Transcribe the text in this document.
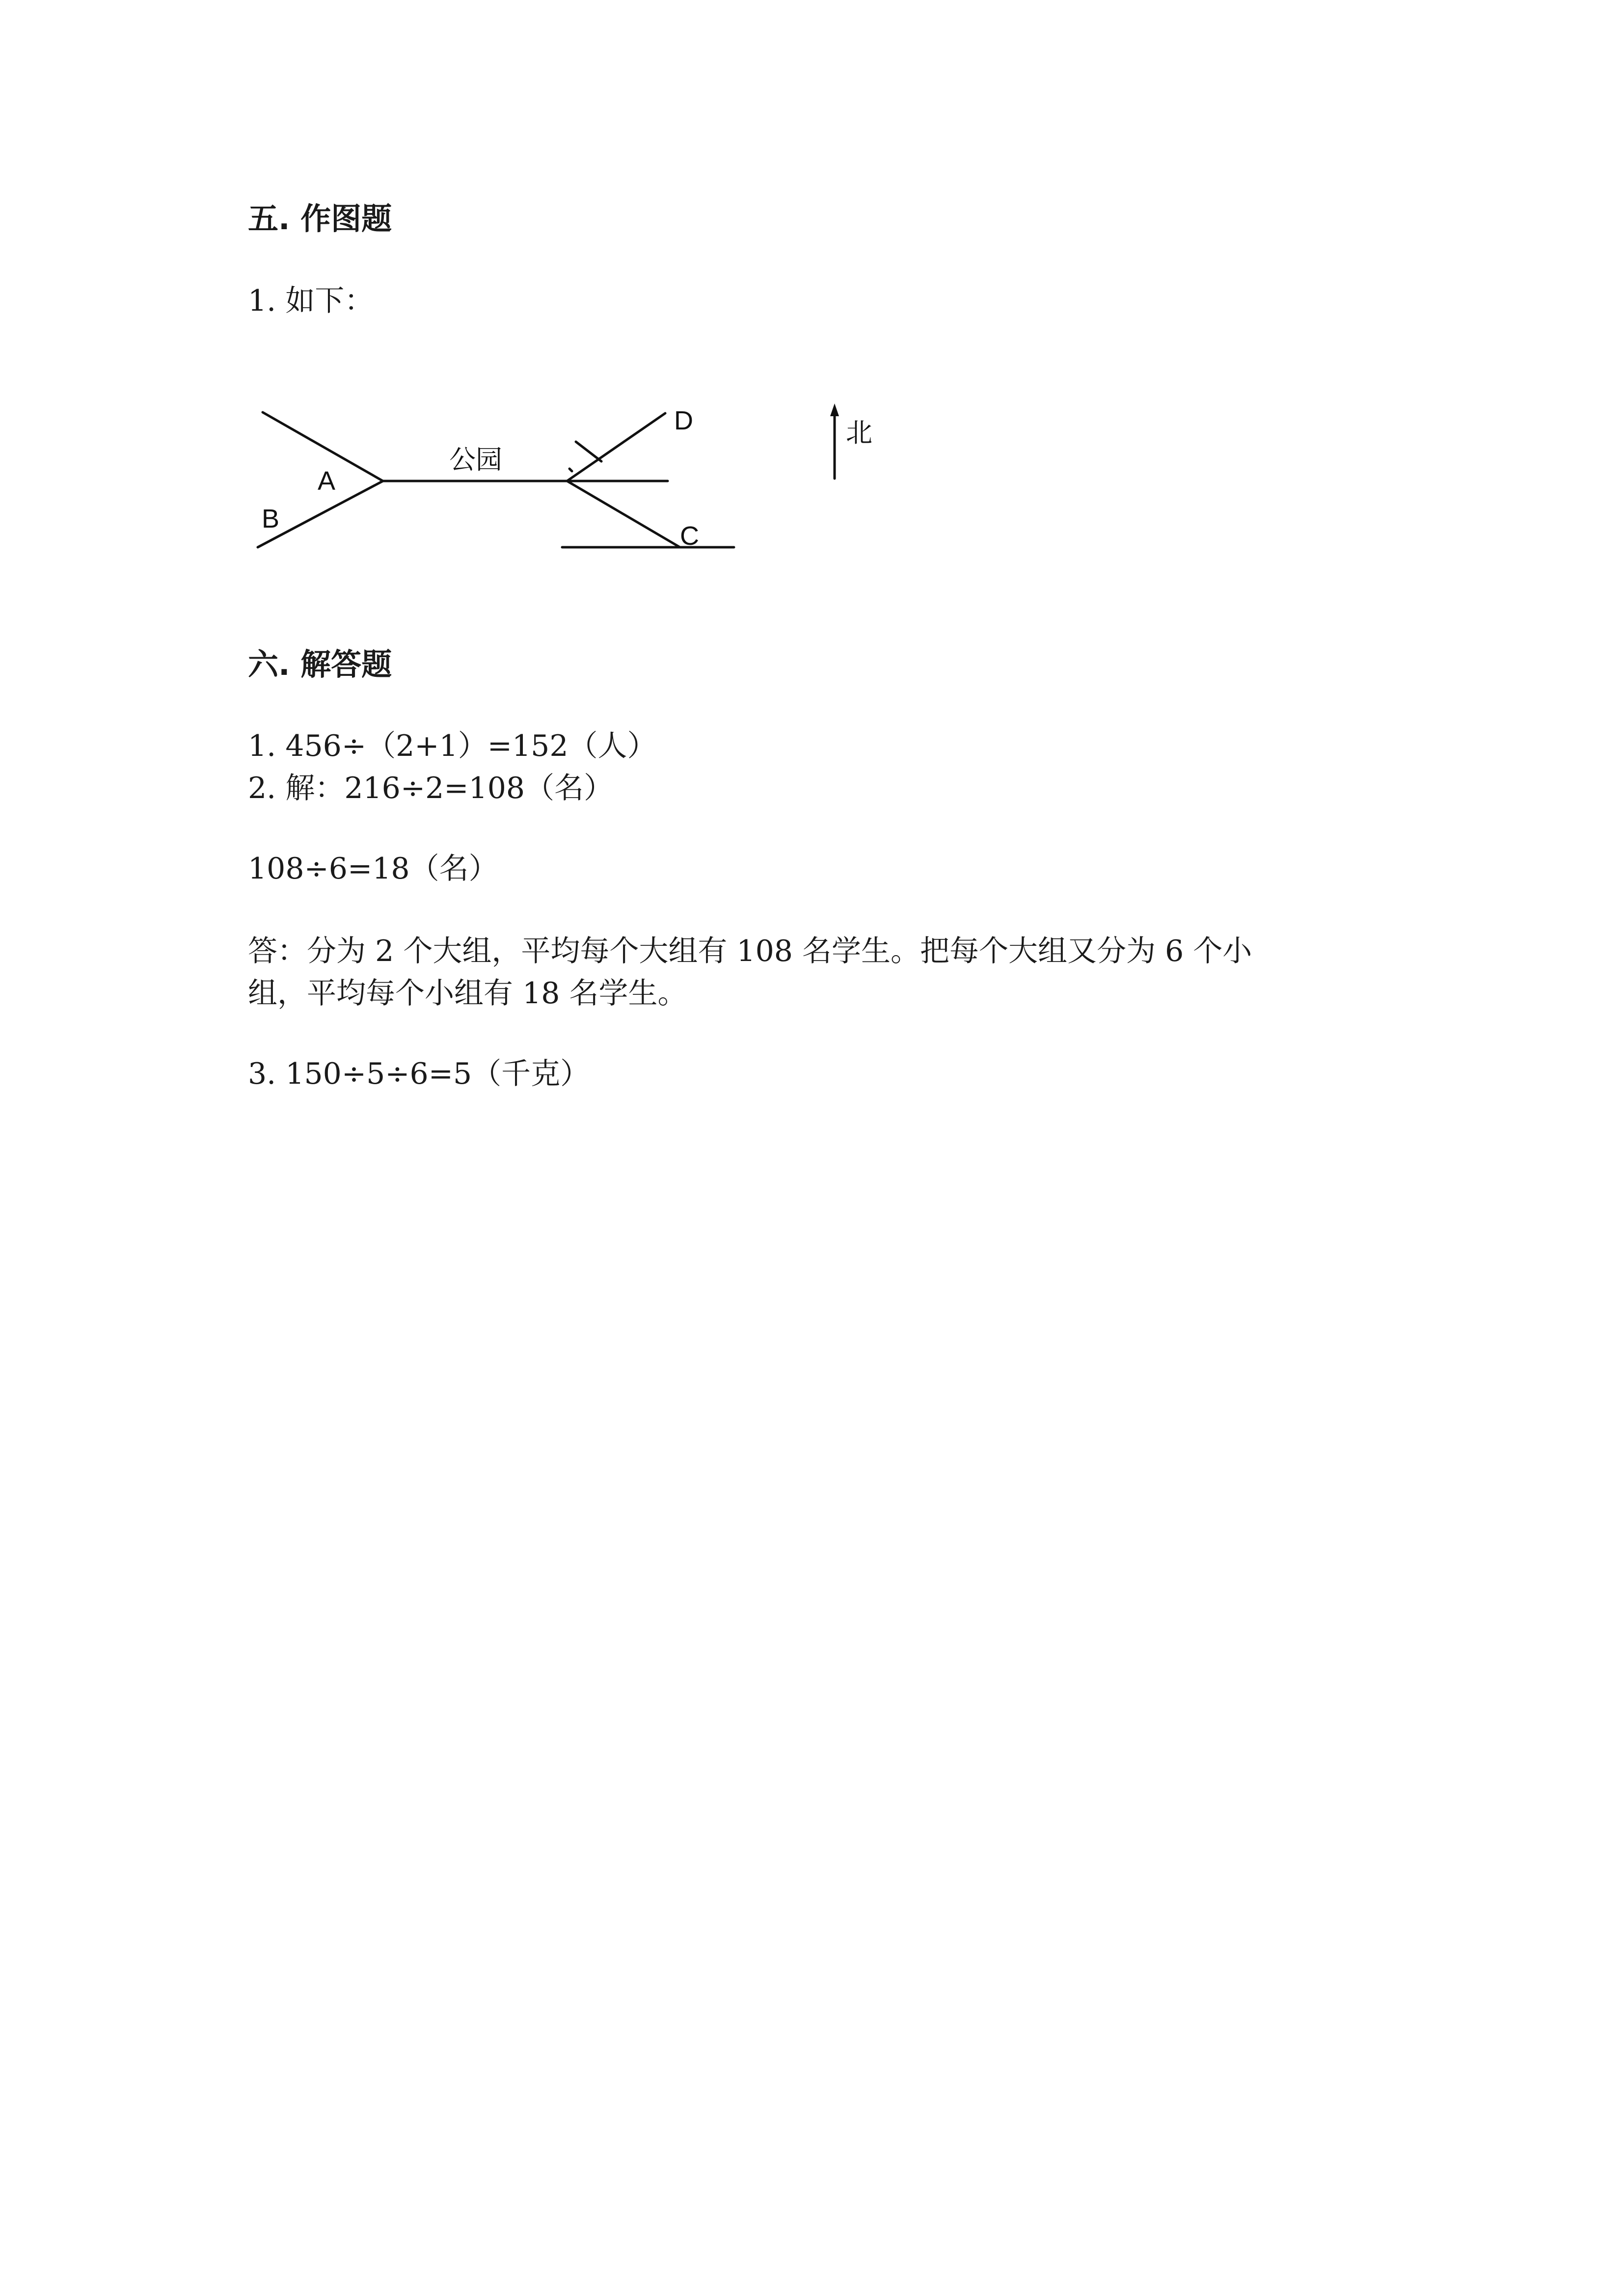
五. 作图题
1. 如下：
A
B
C
D
公园
北
六. 解答题
1. 456÷（2+1）=152（人）
2. 解：216÷2=108（名）
108÷6=18（名）
答：分为 2 个大组，平均每个大组有 108 名学生。把每个大组又分为 6 个小
组，平均每个小组有 18 名学生。
3. 150÷5÷6=5（千克）
